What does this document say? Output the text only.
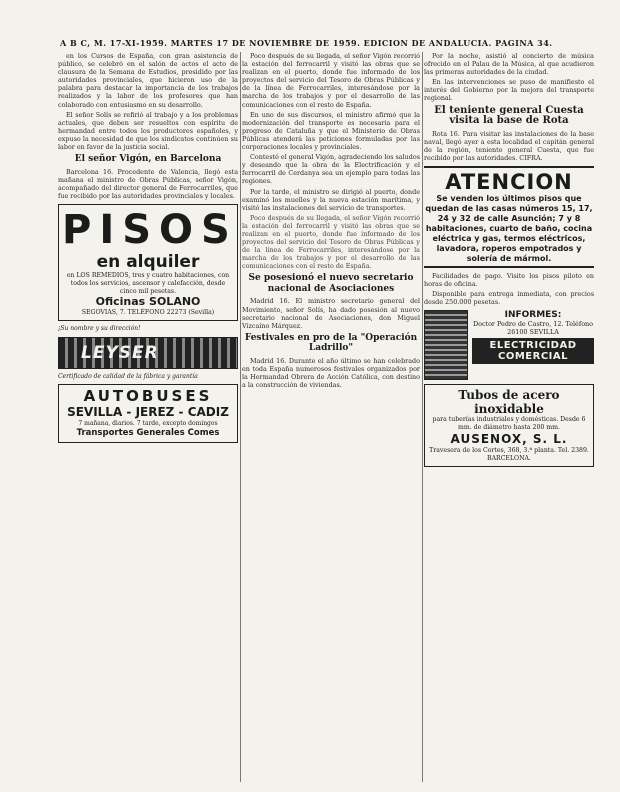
A B C, M. 17-XI-1959. MARTES 17 DE NOVIEMBRE DE 1959. EDICION DE ANDALUCIA. PAGINA 34.

en los Cursos de España, con gran asistencia de público, se celebró en el salón de actos el acto de clausura de la Semana de Estudios, presidido por las autoridades provinciales, que hicieron uso de la palabra para destacar la importancia de los trabajos realizados y la labor de los profesores que han colaborado con entusiasmo en su desarrollo.

El señor Solís se refirió al trabajo y a los problemas actuales, que deben ser resueltos con espíritu de hermandad entre todos los productores españoles, y expuso la necesidad de que los sindicatos continúen su labor en favor de la justicia social.

El señor Vigón, en Barcelona

Barcelona 16. Procedente de Valencia, llegó esta mañana el ministro de Obras Públicas, señor Vigón, acompañado del director general de Ferrocarriles, que fue recibido por las autoridades provinciales y locales.

PISOS
en alquiler
en LOS REMEDIOS, tres y cuatro habitaciones, con todos los servicios, ascensor y calefacción, desde cinco mil pesetas.
Oficinas SOLANO
SEGOVIAS, 7. TELÉFONO 22273 (Sevilla)
¡Su nombre y su dirección!
LEYSER
Certificado de calidad de la fábrica y garantía
AUTOBUSES
SEVILLA - JEREZ - CADIZ
7 mañana, diarios. 7 tarde, excepto domingos
Transportes Generales Comes

Poco después de su llegada, el señor Vigón recorrió la estación del ferrocarril y visitó las obras que se realizan en el puerto, donde fue informado de los proyectos del servicio del Tesoro de Obras Públicas y de la línea de Ferrocarriles, interesándose por la marcha de los trabajos y por el desarrollo de las comunicaciones con el resto de España.

En uno de sus discursos, el ministro afirmó que la modernización del transporte es necesaria para el progreso de Cataluña y que el Ministerio de Obras Públicas atenderá las peticiones formuladas por las corporaciones locales y provinciales.

Contestó el general Vigón, agradeciendo los saludos y deseando que la obra de la Electrificación y el ferrocarril de Cerdanya sea un ejemplo para todas las regiones.

Por la tarde, el ministro se dirigió al puerto, donde examinó los muelles y la nueva estación marítima, y visitó las instalaciones del servicio de transportes.

Poco después de su llegada, el señor Vigón recorrió la estación del ferrocarril y visitó las obras que se realizan en el puerto, donde fue informado de los proyectos del servicio del Tesoro de Obras Públicas y de la línea de Ferrocarriles, interesándose por la marcha de los trabajos y por el desarrollo de las comunicaciones con el resto de España.

Se posesionó el nuevo secretario nacional de Asociaciones

Madrid 16. El ministro secretario general del Movimiento, señor Solís, ha dado posesión al nuevo secretario nacional de Asociaciones, don Miguel Vizcaíno Márquez.

Festivales en pro de la "Operación Ladrillo"

Madrid 16. Durante el año último se han celebrado en toda España numerosos festivales organizados por la Hermandad Obrera de Acción Católica, con destino a la construcción de viviendas.

Por la noche, asistió al concierto de música ofrecido en el Palau de la Música, al que acudieron las primeras autoridades de la ciudad.

En las intervenciones se puso de manifiesto el interés del Gobierno por la mejora del transporte regional.

El teniente general Cuesta visita la base de Rota

Rota 16. Para visitar las instalaciones de la base naval, llegó ayer a esta localidad el capitán general de la región, teniente general Cuesta, que fue recibido por las autoridades. CIFRA.

ATENCION
Se venden los últimos pisos que quedan de las casas números 15, 17, 24 y 32 de calle Asunción; 7 y 8 habitaciones, cuarto de baño, cocina eléctrica y gas, termos eléctricos, lavadora, roperos empotrados y solería de mármol.

Facilidades de pago. Visite los pisos piloto en horas de oficina.

Disponible para entrega inmediata, con precios desde 250.000 pesetas.

INFORMES:
Doctor Pedro de Castro, 12. Teléfono 26100 SEVILLA
ELECTRICIDAD COMERCIAL
Tubos de acero inoxidable
para tuberías industriales y domésticas. Desde 6 mm. de diámetro hasta 200 mm.
AUSENOX, S. L.
Travesera de los Cortes, 368, 3.ª planta. Tel. 2389. BARCELONA.
